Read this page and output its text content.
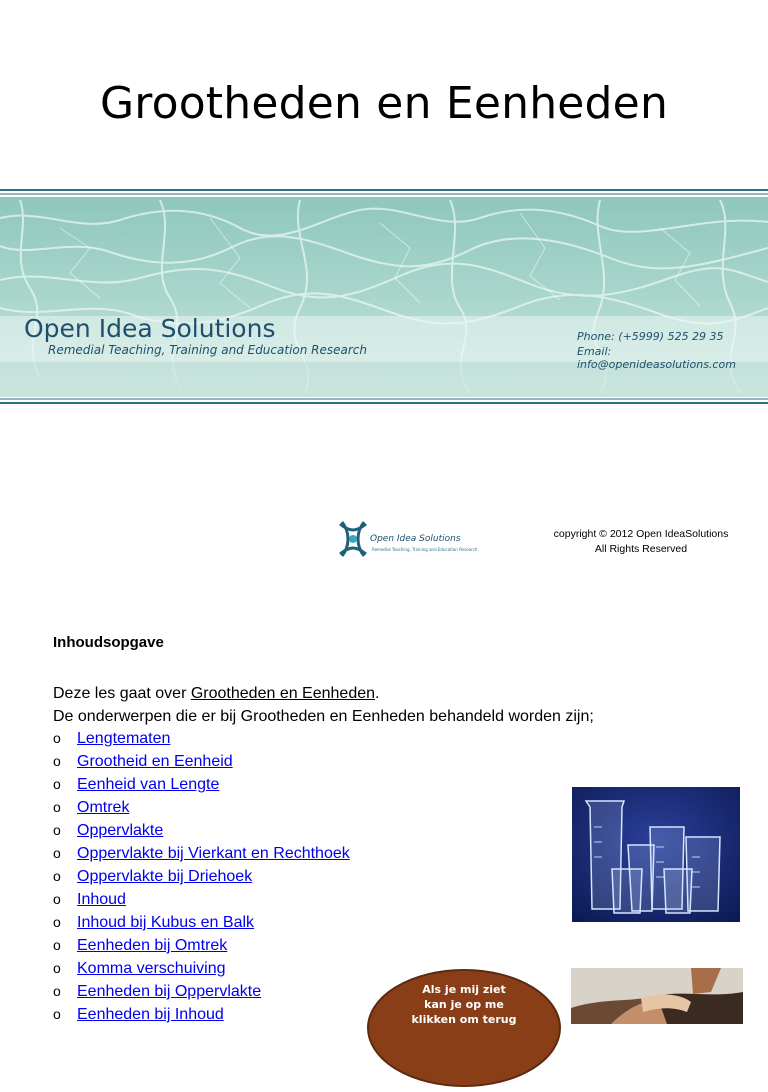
Grootheden en Eenheden
Open Idea Solutions
Remedial Teaching, Training and Education Research
Phone: (+5999) 525 29 35
Email: info@openideasolutions.com
Open Idea Solutions
Remedial Teaching, Training and Education Research
copyright © 2012 Open IdeaSolutions
All Rights Reserved
Inhoudsopgave
Deze les gaat over Grootheden en Eenheden.
De onderwerpen die er bij Grootheden en Eenheden behandeld worden zijn;
o Lengtematen
o Grootheid en Eenheid
o Eenheid van Lengte
o Omtrek
o Oppervlakte
o Oppervlakte bij Vierkant en Rechthoek
o Oppervlakte bij Driehoek
o Inhoud
o Inhoud bij Kubus en Balk
o Eenheden bij Omtrek
o Komma verschuiving
o Eenheden bij Oppervlakte
o Eenheden bij Inhoud
Als je mij ziet
kan je op me
klikken om terug
